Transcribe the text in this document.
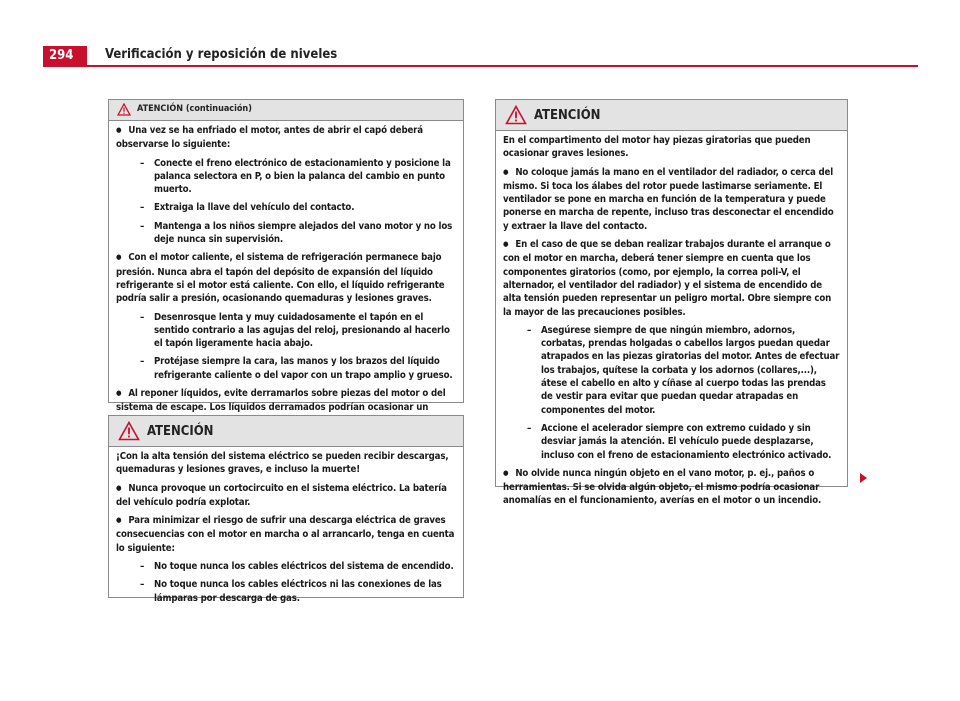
294	Verificación y reposición de niveles
ATENCIÓN (continuación)

● Una vez se ha enfriado el motor, antes de abrir el capó deberá observarse lo siguiente:

– Conecte el freno electrónico de estacionamiento y posicione la palanca selectora en P, o bien la palanca del cambio en punto muerto.

– Extraiga la llave del vehículo del contacto.

– Mantenga a los niños siempre alejados del vano motor y no los deje nunca sin supervisión.

● Con el motor caliente, el sistema de refrigeración permanece bajo presión. Nunca abra el tapón del depósito de expansión del líquido refrigerante si el motor está caliente. Con ello, el líquido refrigerante podría salir a presión, ocasionando quemaduras y lesiones graves.

– Desenrosque lenta y muy cuidadosamente el tapón en el sentido contrario a las agujas del reloj, presionando al hacerlo el tapón ligeramente hacia abajo.

– Protéjase siempre la cara, las manos y los brazos del líquido refrigerante caliente o del vapor con un trapo amplio y grueso.

● Al reponer líquidos, evite derramarlos sobre piezas del motor o del sistema de escape. Los líquidos derramados podrían ocasionar un

ATENCIÓN

¡Con la alta tensión del sistema eléctrico se pueden recibir descargas, quemaduras y lesiones graves, e incluso la muerte!

● Nunca provoque un cortocircuito en el sistema eléctrico. La batería del vehículo podría explotar.

● Para minimizar el riesgo de sufrir una descarga eléctrica de graves consecuencias con el motor en marcha o al arrancarlo, tenga en cuenta lo siguiente:

– No toque nunca los cables eléctricos del sistema de encendido.

– No toque nunca los cables eléctricos ni las conexiones de las lámparas por descarga de gas.

ATENCIÓN

En el compartimento del motor hay piezas giratorias que pueden ocasionar graves lesiones.

● No coloque jamás la mano en el ventilador del radiador, o cerca del mismo. Si toca los álabes del rotor puede lastimarse seriamente. El ventilador se pone en marcha en función de la temperatura y puede ponerse en marcha de repente, incluso tras desconectar el encendido y extraer la llave del contacto.

● En el caso de que se deban realizar trabajos durante el arranque o con el motor en marcha, deberá tener siempre en cuenta que los componentes giratorios (como, por ejemplo, la correa poli-V, el alternador, el ventilador del radiador) y el sistema de encendido de alta tensión pueden representar un peligro mortal. Obre siempre con la mayor de las precauciones posibles.

– Asegúrese siempre de que ningún miembro, adornos, corbatas, prendas holgadas o cabellos largos puedan quedar atrapados en las piezas giratorias del motor. Antes de efectuar los trabajos, quítese la corbata y los adornos (collares,...), átese el cabello en alto y cíñase al cuerpo todas las prendas de vestir para evitar que puedan quedar atrapadas en componentes del motor.

– Accione el acelerador siempre con extremo cuidado y sin desviar jamás la atención. El vehículo puede desplazarse, incluso con el freno de estacionamiento electrónico activado.

● No olvide nunca ningún objeto en el vano motor, p. ej., paños o herramientas. Si se olvida algún objeto, el mismo podría ocasionar anomalías en el funcionamiento, averías en el motor o un incendio.
